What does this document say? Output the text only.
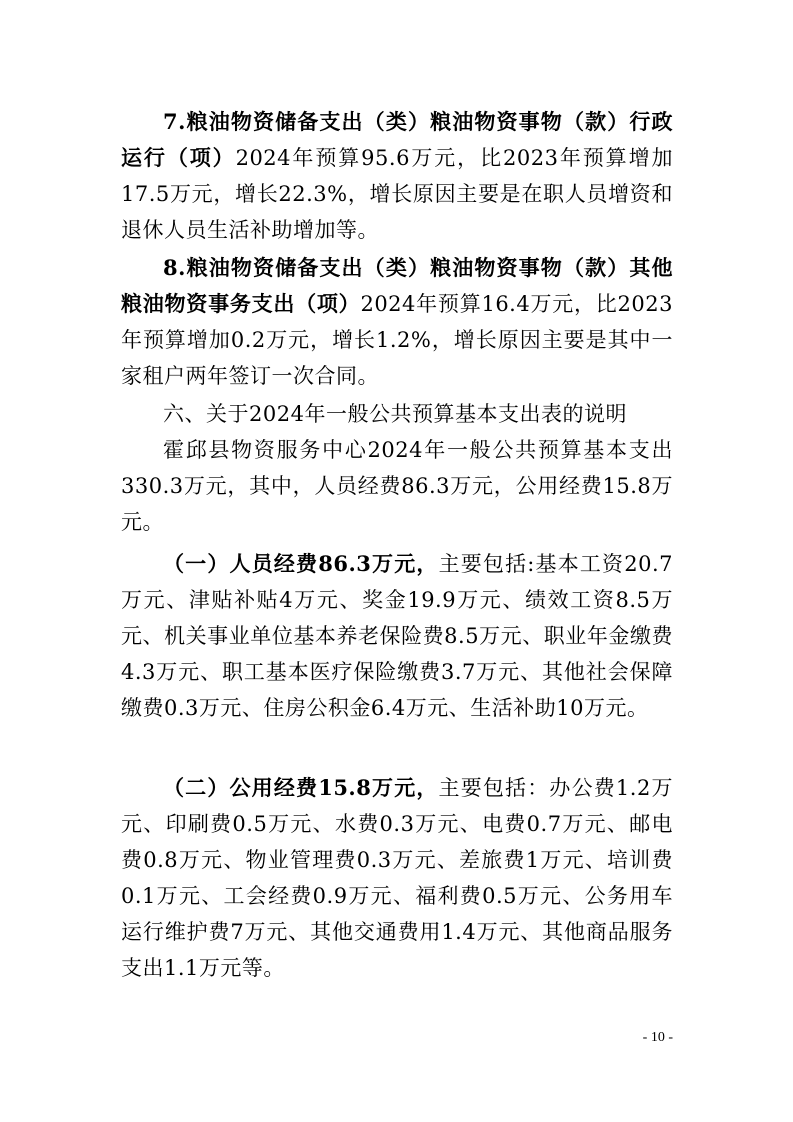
7.粮油物资储备支出（类）粮油物资事物（款）行政运行（项）2024年预算95.6万元，比2023年预算增加17.5万元，增长22.3%，增长原因主要是在职人员增资和退休人员生活补助增加等。

8.粮油物资储备支出（类）粮油物资事物（款）其他粮油物资事务支出（项）2024年预算16.4万元，比2023年预算增加0.2万元，增长1.2%，增长原因主要是其中一家租户两年签订一次合同。

六、关于2024年一般公共预算基本支出表的说明

霍邱县物资服务中心2024年一般公共预算基本支出330.3万元，其中，人员经费86.3万元，公用经费15.8万元。

（一）人员经费86.3万元，主要包括:基本工资20.7万元、津贴补贴4万元、奖金19.9万元、绩效工资8.5万元、机关事业单位基本养老保险费8.5万元、职业年金缴费4.3万元、职工基本医疗保险缴费3.7万元、其他社会保障缴费0.3万元、住房公积金6.4万元、生活补助10万元。

（二）公用经费15.8万元，主要包括：办公费1.2万元、印刷费0.5万元、水费0.3万元、电费0.7万元、邮电费0.8万元、物业管理费0.3万元、差旅费1万元、培训费0.1万元、工会经费0.9万元、福利费0.5万元、公务用车运行维护费7万元、其他交通费用1.4万元、其他商品服务支出1.1万元等。

- 10 -
